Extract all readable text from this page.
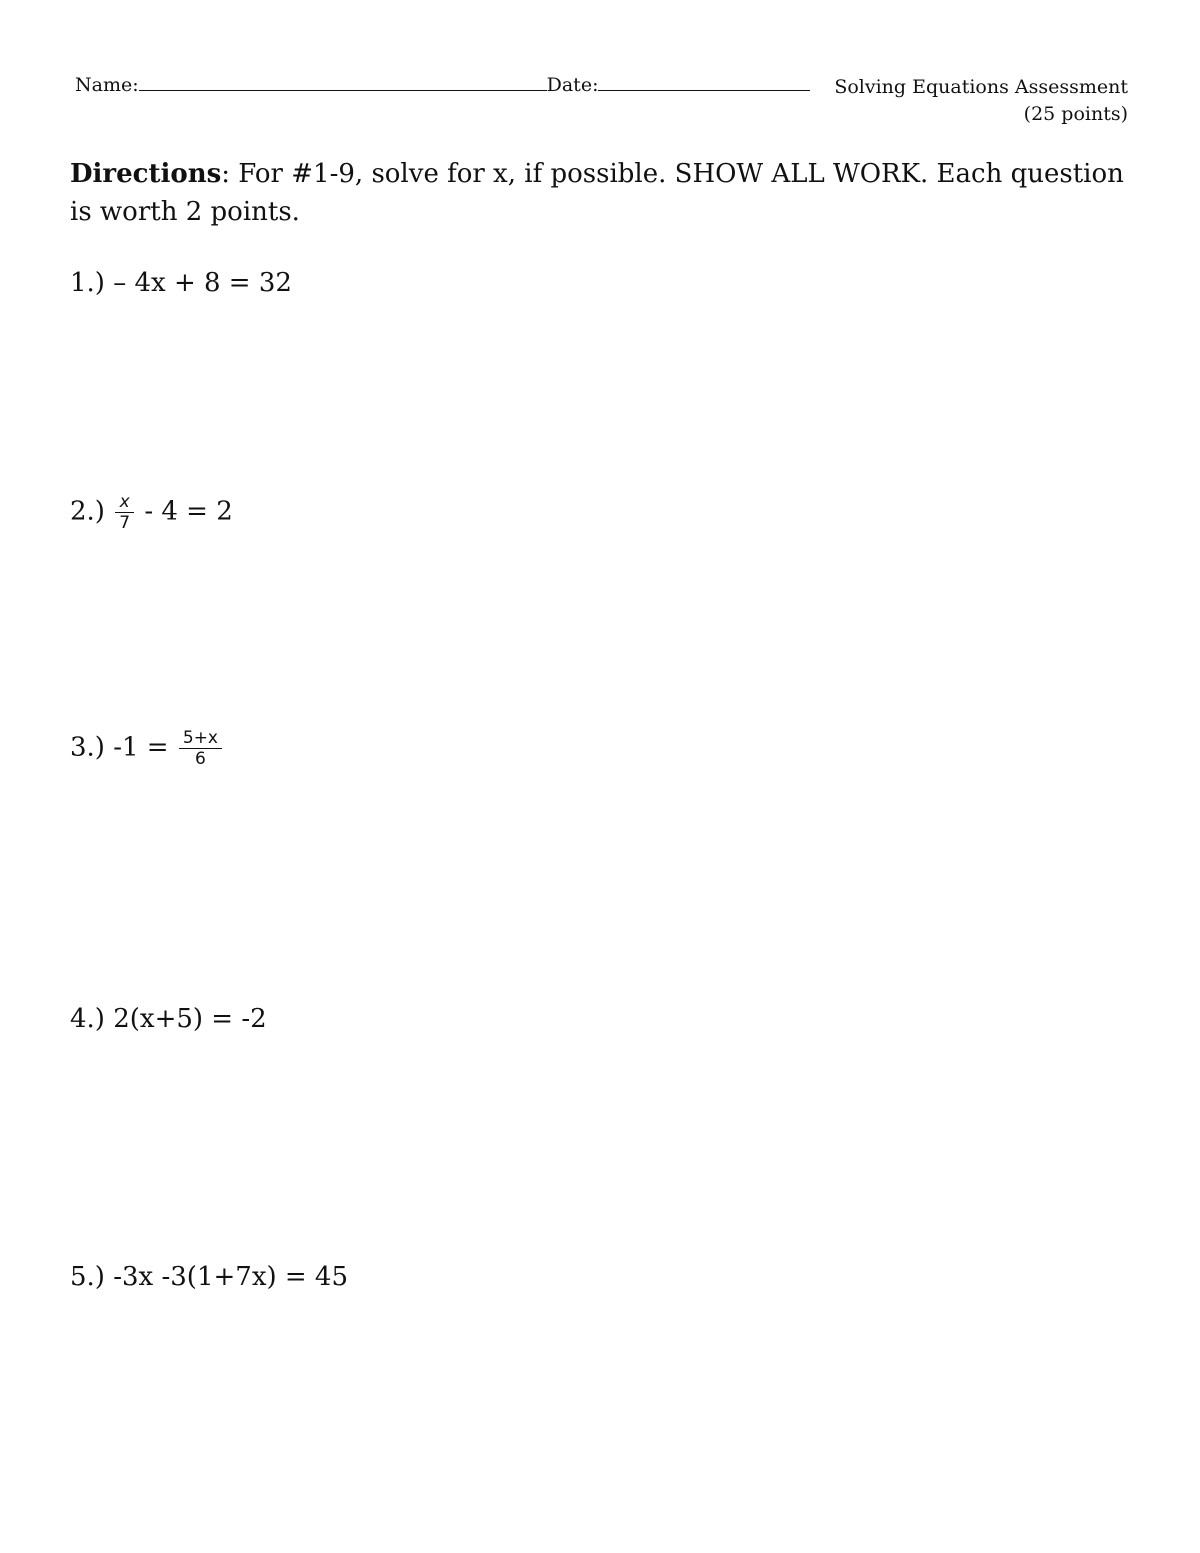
Name:	Date:	Solving Equations Assessment
(25 points)
Directions: For #1-9, solve for x, if possible. SHOW ALL WORK. Each question is worth 2 points.
1.) – 4x + 8 = 32
$2.) \frac{x}{7} - 4 = 2$
3.) $-1 = \frac{5+x}{6}$
4.) 2(x+5) = -2
5.) -3x -3(1+7x) = 45
